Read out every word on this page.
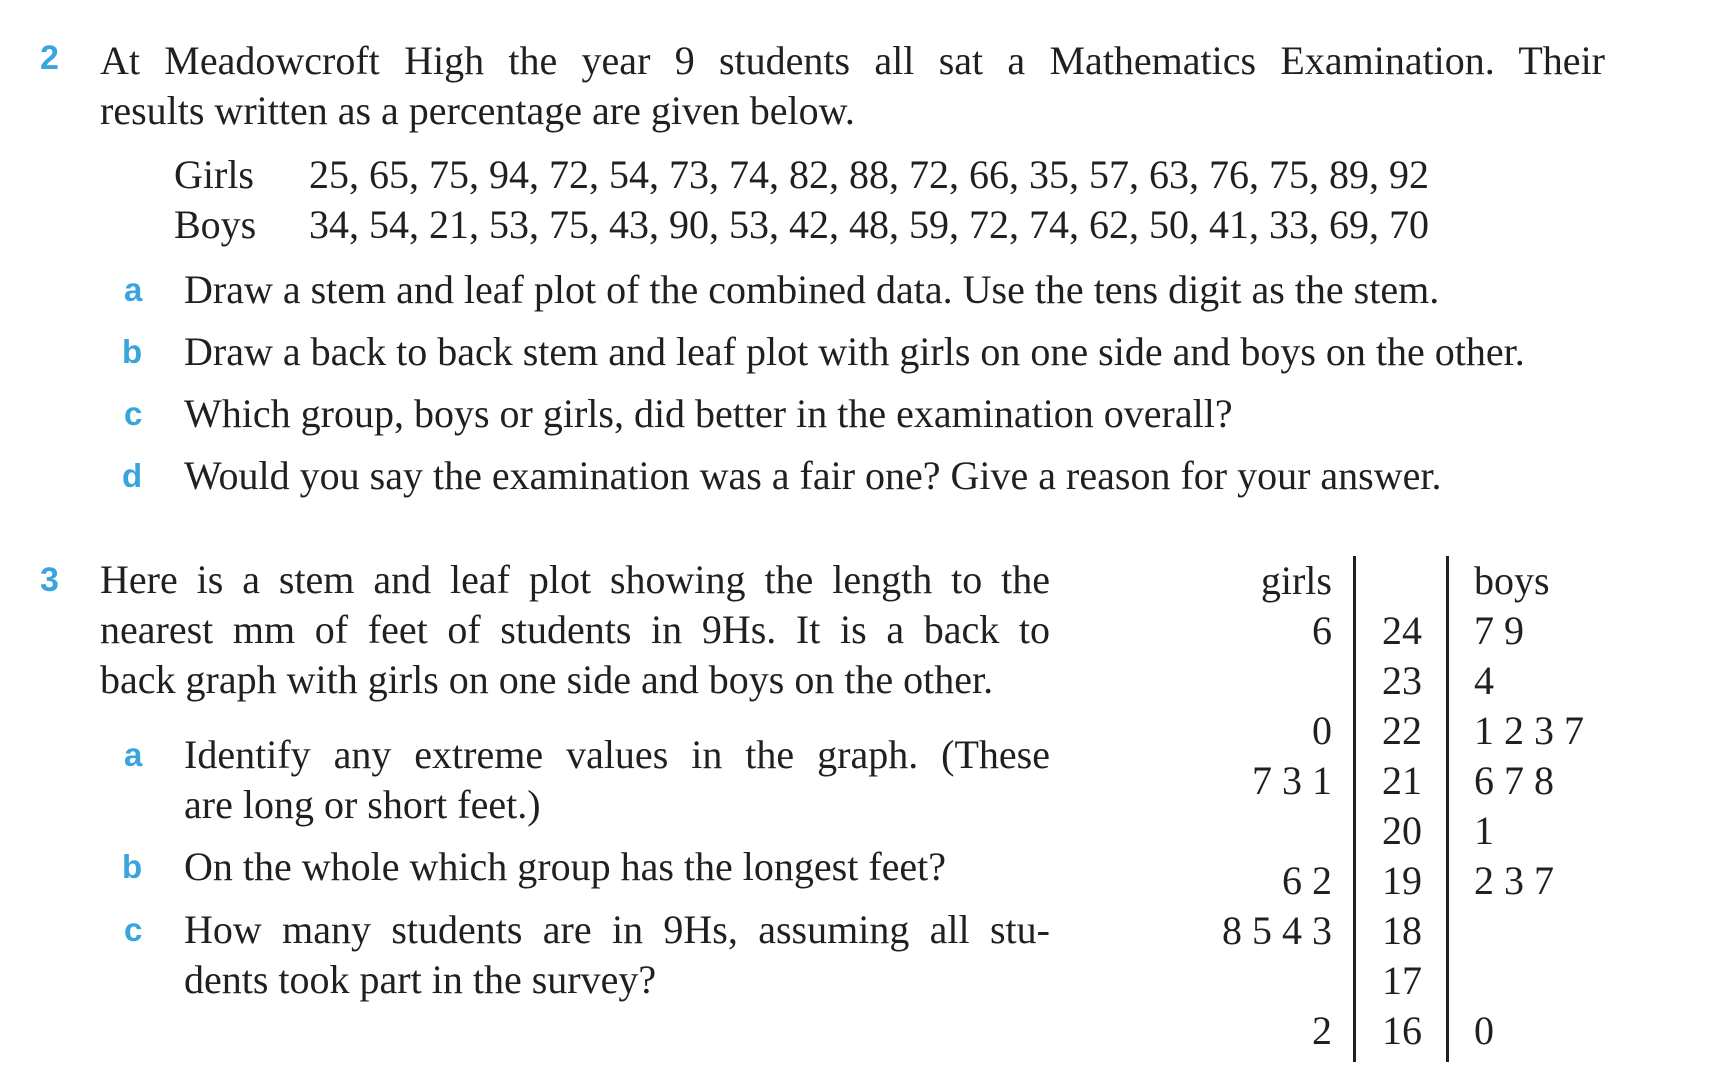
2 At Meadowcroft High the year 9 students all sat a Mathematics Examination. Their
results written as a percentage are given below.
Girls 25, 65, 75, 94, 72, 54, 73, 74, 82, 88, 72, 66, 35, 57, 63, 76, 75, 89, 92
Boys 34, 54, 21, 53, 75, 43, 90, 53, 42, 48, 59, 72, 74, 62, 50, 41, 33, 69, 70
a Draw a stem and leaf plot of the combined data. Use the tens digit as the stem.
b Draw a back to back stem and leaf plot with girls on one side and boys on the other.
c Which group, boys or girls, did better in the examination overall?
d Would you say the examination was a fair one? Give a reason for your answer.
3 Here is a stem and leaf plot showing the length to the
nearest mm of feet of students in 9Hs. It is a back to
back graph with girls on one side and boys on the other.
a Identify any extreme values in the graph. (These
are long or short feet.)
b On the whole which group has the longest feet?
c How many students are in 9Hs, assuming all stu-
dents took part in the survey?
girls	boys
6 24 7 9
23 4
0 22 1 2 3 7
7 3 1 21 6 7 8
20 1
6 2 19 2 3 7
8 5 4 3 18
17
2 16 0
